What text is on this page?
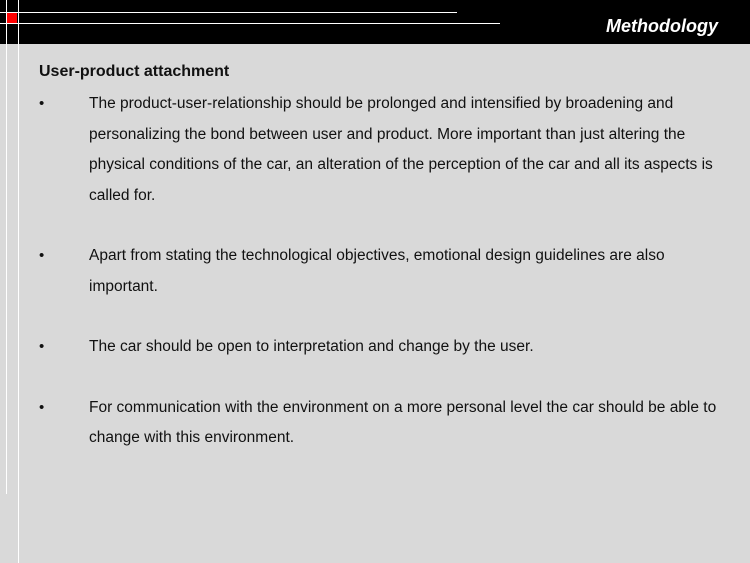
Methodology
User-product attachment
•	The product-user-relationship should be prolonged and intensified by broadening and personalizing the bond between user and product. More important than just altering the physical conditions of the car, an alteration of the perception of the car and all its aspects is called for.
•	Apart from stating the technological objectives, emotional design guidelines are also important.
•	The car should be open to interpretation and change by the user.
•	For communication with the environment on a more personal level the car should be able to change with this environment.
